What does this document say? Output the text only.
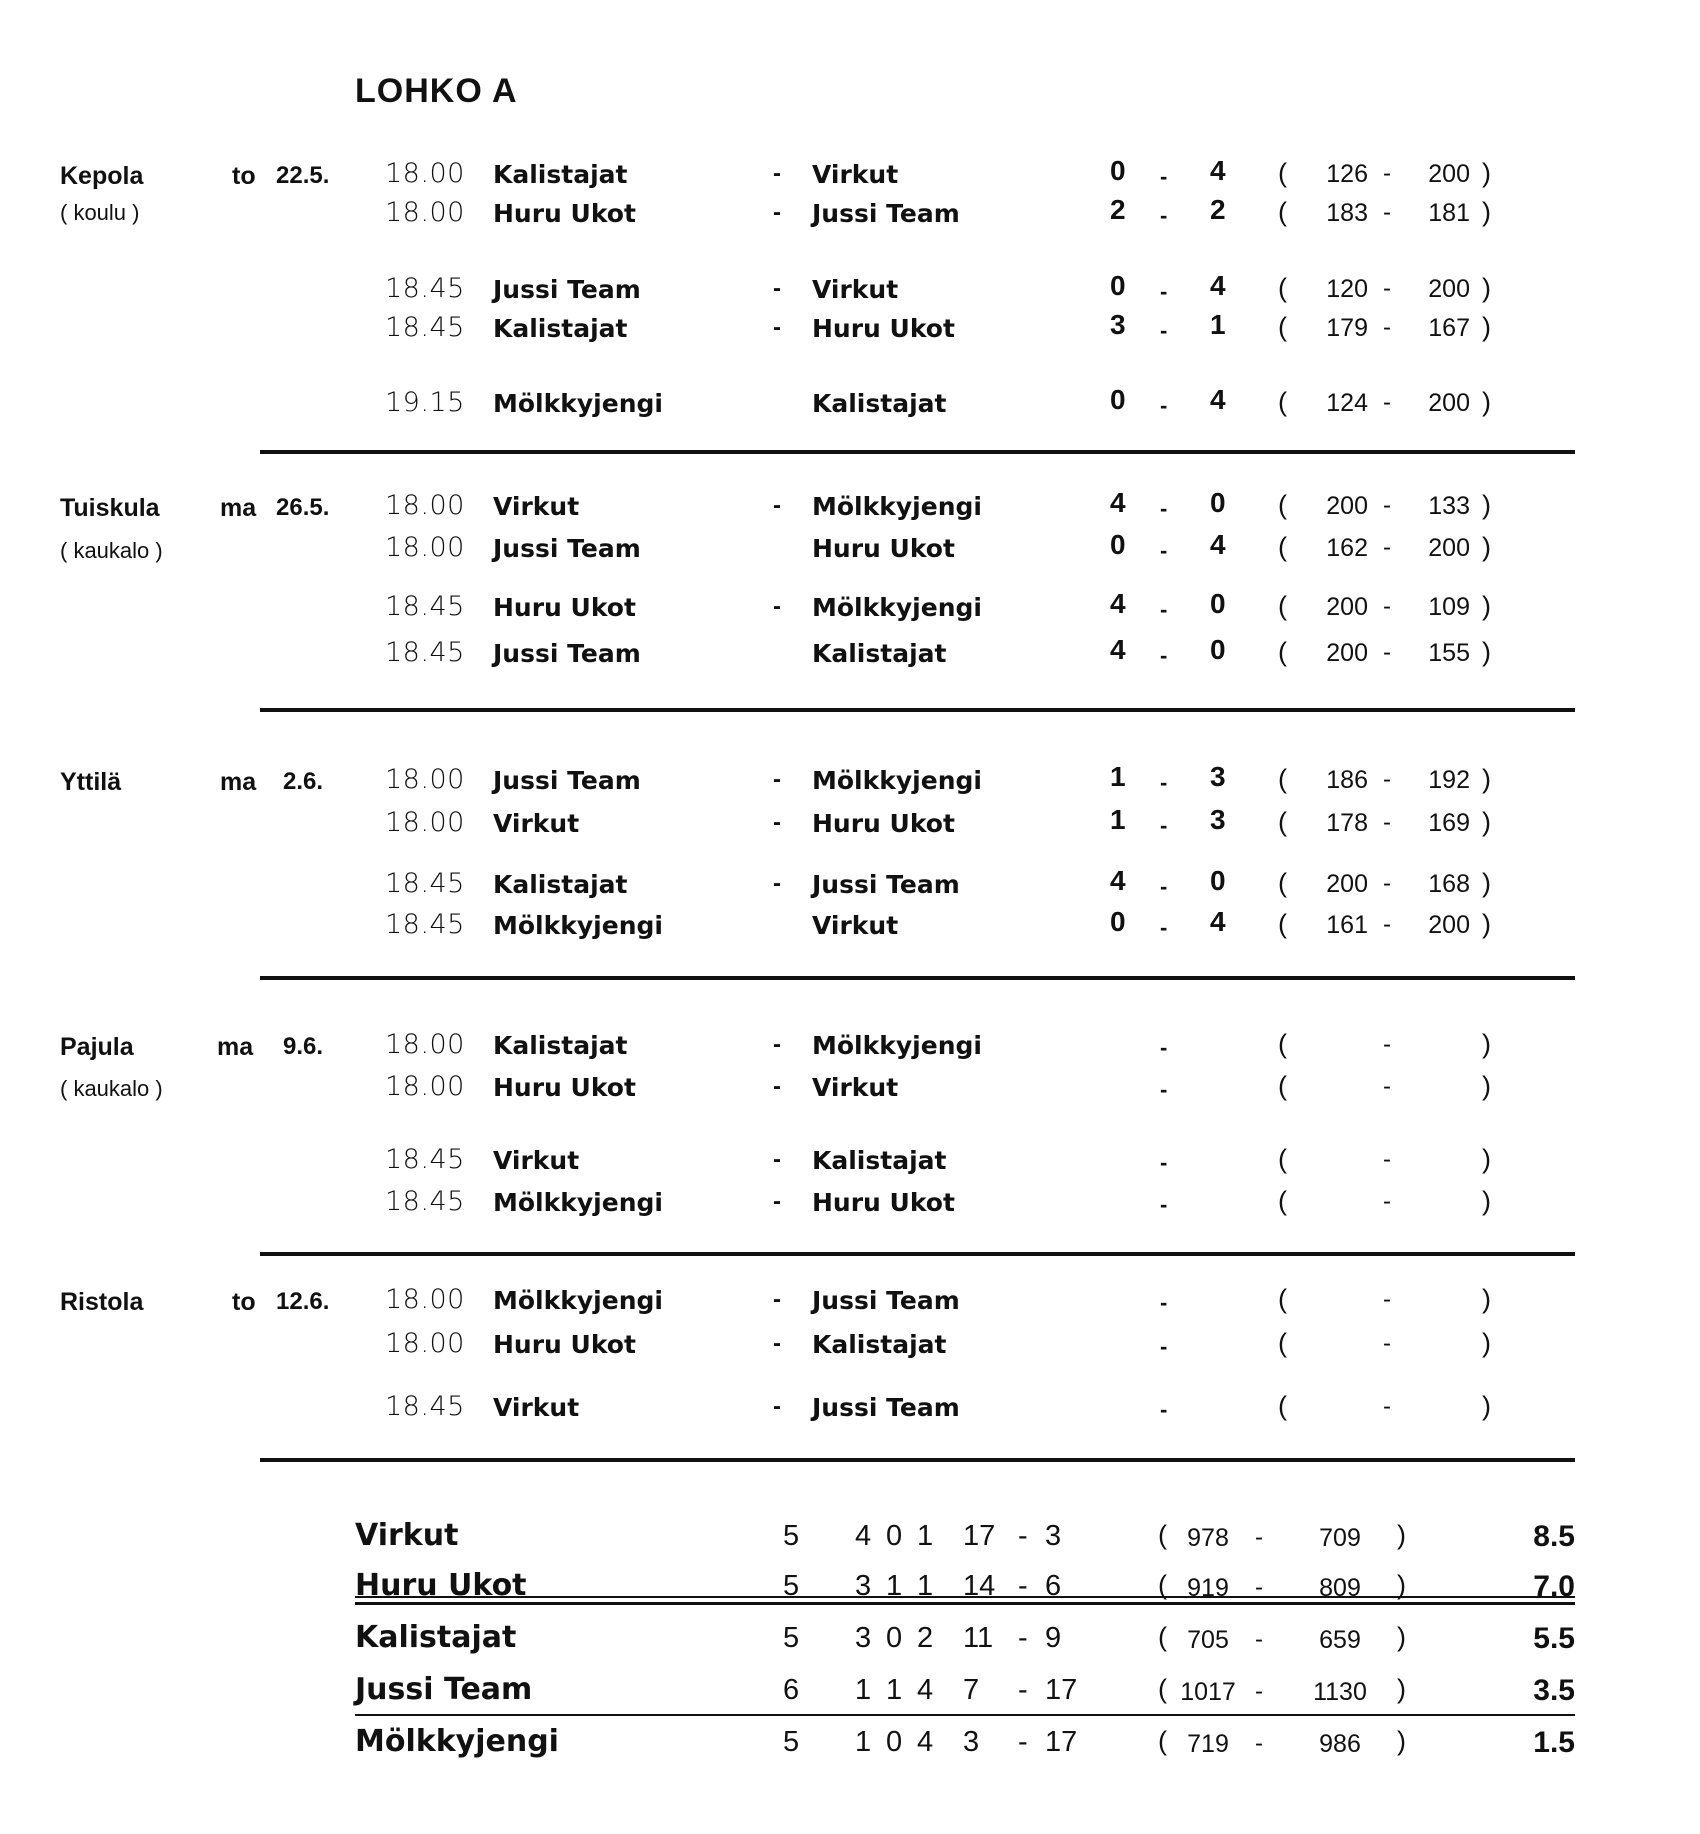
LOHKO A
Kepola
( koulu )
to 22.5. 18.00 Kalistajat	- Virkut	0 - 4 (	126 -	200 )
18.00 Huru Ukot	- Jussi Team	2 - 2 (	183 -	181 )
18.45 Jussi Team	- Virkut	0 - 4 (	120 -	200 )
18.45 Kalistajat	- Huru Ukot	3 - 1 (	179 -	167 )
19.15 Mölkkyjengi	Kalistajat	0 - 4 (	124 -	200 )
Tuiskula
( kaukalo )
ma 26.5. 18.00 Virkut	- Mölkkyjengi	4 - 0 (	200 -	133 )
18.00 Jussi Team	Huru Ukot	0 - 4 (	162 -	200 )
18.45 Huru Ukot	- Mölkkyjengi	4 - 0 (	200 -	109 )
18.45 Jussi Team	Kalistajat	4 - 0 (	200 -	155 )
Yttilä	ma 2.6. 18.00 Jussi Team	- Mölkkyjengi	1 - 3 (	186 -	192 )
18.00 Virkut	- Huru Ukot	1 - 3 (	178 -	169 )
18.45 Kalistajat	- Jussi Team	4 - 0 (	200 -	168 )
18.45 Mölkkyjengi	Virkut	0 - 4 (	161 -	200 )
Pajula
( kaukalo )
ma 9.6. 18.00 Kalistajat	- Mölkkyjengi	-	(	-	)
18.00 Huru Ukot	- Virkut	-	(	-	)
18.45 Virkut	- Kalistajat	-	(	-	)
18.45 Mölkkyjengi	- Huru Ukot	-	(	-	)
Ristola	to 12.6. 18.00 Mölkkyjengi	- Jussi Team	-	(	-	)
18.00 Huru Ukot	- Kalistajat	-	(	-	)
18.45 Virkut	- Jussi Team	-	(	-	)
Virkut	5 4 0 1 17 - 3	( 978	-	709	)	8.5
Huru Ukot	5 3 1 1 14 - 6	( 919	-	809	)	7.0
Kalistajat	5 3 0 2 11 - 9	( 705	-	659	)	5.5
Jussi Team	6 1 1 4 7 - 17	( 1017 -	1130	)	3.5
Mölkkyjengi	5 1 0 4 3 - 17	( 719	-	986	)	1.5
